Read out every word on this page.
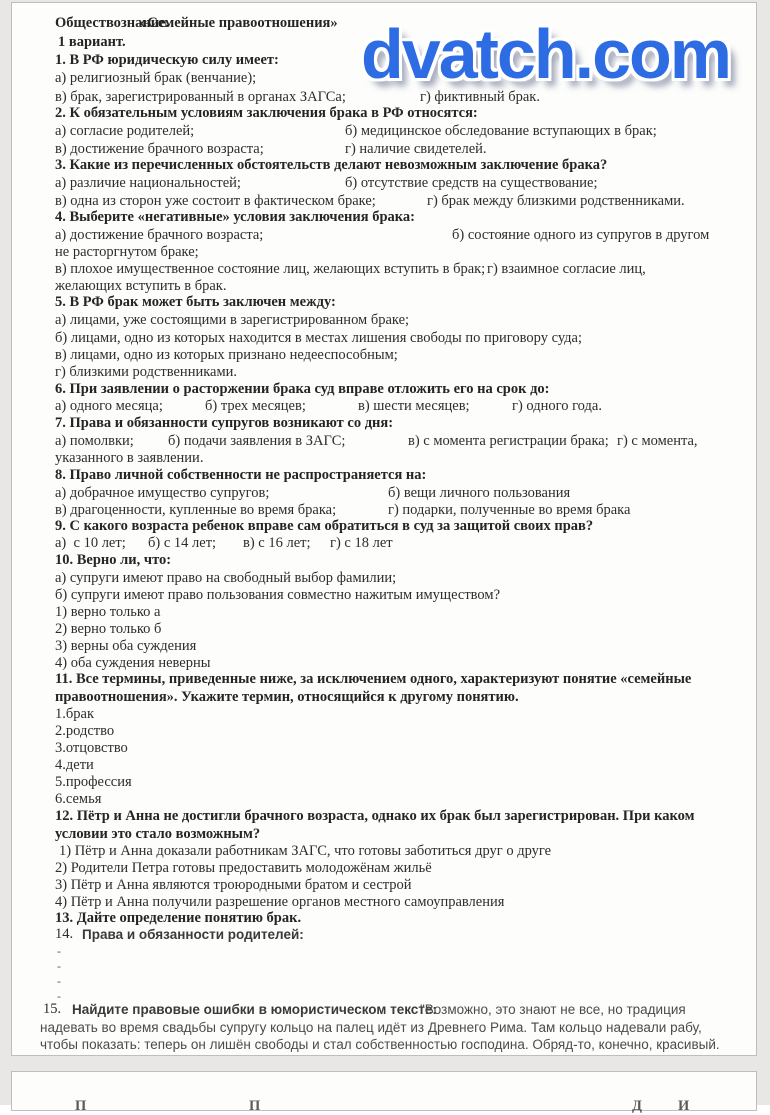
Обществознание.
«Семейные правоотношения»
1 вариант.
1. В РФ юридическую силу имеет:
а) религиозный брак (венчание);
в) брак, зарегистрированный в органах ЗАГСа;	г) фиктивный брак.
2. К обязательным условиям заключения брака в РФ относятся:
а) согласие родителей;	б) медицинское обследование вступающих в брак;
в) достижение брачного возраста;	г) наличие свидетелей.
3. Какие из перечисленных обстоятельств делают невозможным заключение брака?
а) различие национальностей;	б) отсутствие средств на существование;
в) одна из сторон уже состоит в фактическом браке;	г) брак между близкими родственниками.
4. Выберите «негативные» условия заключения брака:
а) достижение брачного возраста;	б) состояние одного из супругов в другом
не расторгнутом браке;
в) плохое имущественное состояние лиц, желающих вступить в брак; г) взаимное согласие лиц,
желающих вступить в брак.
5. В РФ брак может быть заключен между:
а) лицами, уже состоящими в зарегистрированном браке;
б) лицами, одно из которых находится в местах лишения свободы по приговору суда;
в) лицами, одно из которых признано недееспособным;
г) близкими родственниками.
6. При заявлении о расторжении брака суд вправе отложить его на срок до:
а) одного месяца;	б) трех месяцев;	в) шести месяцев;	г) одного года.
7. Права и обязанности супругов возникают со дня:
а) помолвки; б) подачи заявления в ЗАГС;	в) с момента регистрации брака; г) с момента,
указанного в заявлении.
8. Право личной собственности не распространяется на:
а) добрачное имущество супругов;	б) вещи личного пользования
в) драгоценности, купленные во время брака;	г) подарки, полученные во время брака
9. С какого возраста ребенок вправе сам обратиться в суд за защитой своих прав?
а)  с 10 лет; б) с 14 лет; в) с 16 лет; г) с 18 лет
10. Верно ли, что:
а) супруги имеют право на свободный выбор фамилии;
б) супруги имеют право пользования совместно нажитым имуществом?
1) верно только а
2) верно только б
3) верны оба суждения
4) оба суждения неверны
11. Все термины, приведенные ниже, за исключением одного, характеризуют понятие «семейные
правоотношения». Укажите термин, относящийся к другому понятию.
1.брак
2.родство
3.отцовство
4.дети
5.профессия
6.семья
12. Пётр и Анна не достигли брачного возраста, однако их брак был зарегистрирован. При каком
условии это стало возможным?
1) Пётр и Анна доказали работникам ЗАГС, что готовы заботиться друг о друге
2) Родители Петра готовы предоставить молодожёнам жильё
3) Пётр и Анна являются троюродными братом и сестрой
4) Пётр и Анна получили разрешение органов местного самоуправления
13. Дайте определение понятию брак.
14. Права и обязанности родителей:
-
-
-
-
15. Найдите правовые ошибки в юмористическом тексте:
"Возможно, это знают не все, но традиция
надевать во время свадьбы супругу кольцо на палец идёт из Древнего Рима. Там кольцо надевали рабу,
чтобы показать: теперь он лишён свободы и стал собственностью господина. Обряд-то, конечно, красивый.
dvatch.com
П	П	Д И
